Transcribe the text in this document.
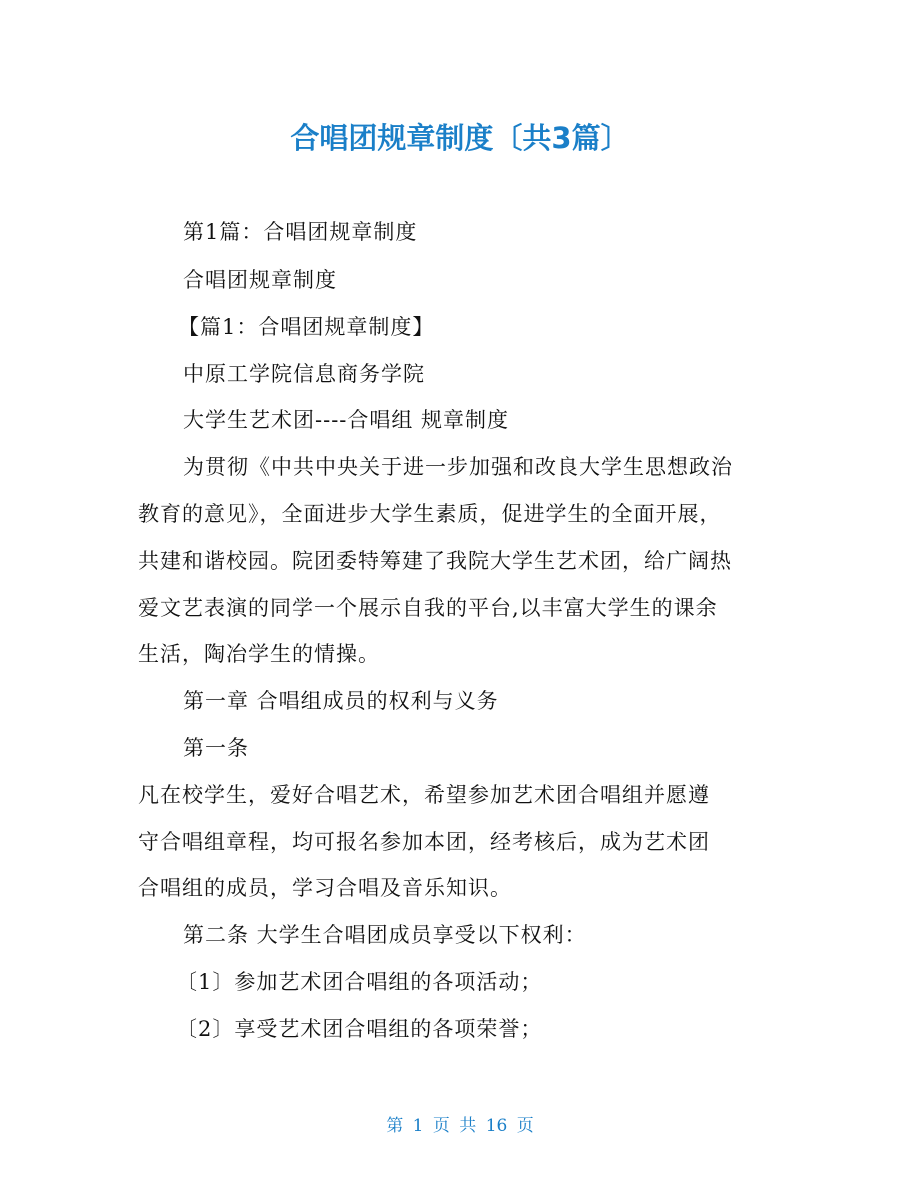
合唱团规章制度〔共3篇〕
第1篇：合唱团规章制度
合唱团规章制度
【篇1：合唱团规章制度】
中原工学院信息商务学院
大学生艺术团----合唱组 规章制度
为贯彻《中共中央关于进一步加强和改良大学生思想政治
教育的意见》，全面进步大学生素质，促进学生的全面开展，
共建和谐校园。院团委特筹建了我院大学生艺术团，给广阔热
爱文艺表演的同学一个展示自我的平台,以丰富大学生的课余
生活，陶冶学生的情操。
第一章 合唱组成员的权利与义务
第一条
凡在校学生，爱好合唱艺术，希望参加艺术团合唱组并愿遵
守合唱组章程，均可报名参加本团，经考核后，成为艺术团
合唱组的成员，学习合唱及音乐知识。
第二条 大学生合唱团成员享受以下权利：
〔1〕参加艺术团合唱组的各项活动；
〔2〕享受艺术团合唱组的各项荣誉；
第 1 页 共 16 页
